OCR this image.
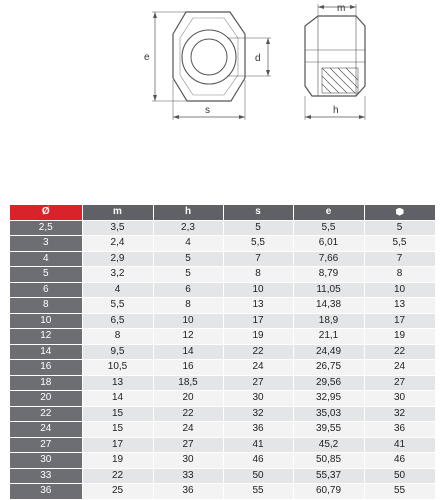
e	d
s
m
h
Ø	m	h	s	e	
2,5	3,5	2,3	5	5,5	5
3	2,4	4	5,5	6,01	5,5
4	2,9	5	7	7,66	7
5	3,2	5	8	8,79	8
6	4	6	10	11,05	10
8	5,5	8	13	14,38	13
10	6,5	10	17	18,9	17
12	8	12	19	21,1	19
14	9,5	14	22	24,49	22
16	10,5	16	24	26,75	24
18	13	18,5	27	29,56	27
20	14	20	30	32,95	30
22	15	22	32	35,03	32
24	15	24	36	39,55	36
27	17	27	41	45,2	41
30	19	30	46	50,85	46
33	22	33	50	55,37	50
36	25	36	55	60,79	55
